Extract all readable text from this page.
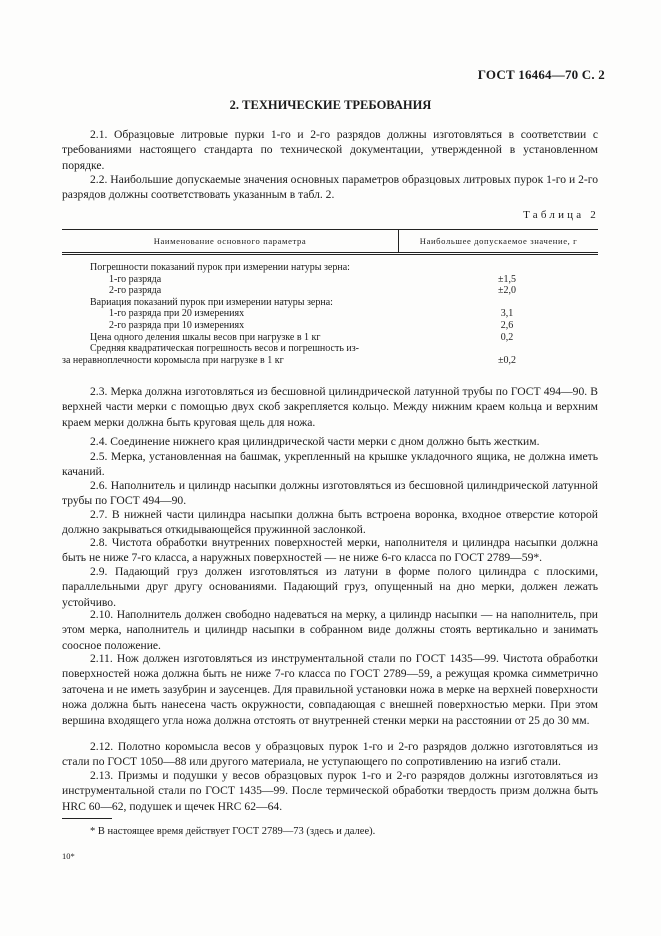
ГОСТ 16464—70 С. 2
2. ТЕХНИЧЕСКИЕ ТРЕБОВАНИЯ
2.1. Образцовые литровые пурки 1-го и 2-го разрядов должны изготовляться в соответствии с требованиями настоящего стандарта по технической документации, утвержденной в установленном порядке.
2.2. Наибольшие допускаемые значения основных параметров образцовых литровых пурок 1-го и 2-го разрядов должны соответствовать указанным в табл. 2.
Таблица 2
Наименование основного параметра	Наибольшее допускаемое значение, г
Погрешности показаний пурок при измерении натуры зерна:
1-го разряда	±1,5
2-го разряда	±2,0
Вариация показаний пурок при измерении натуры зерна:
1-го разряда при 20 измерениях	3,1
2-го разряда при 10 измерениях	2,6
Цена одного деления шкалы весов при нагрузке в 1 кг	0,2
Средняя квадратическая погрешность весов и погрешность из-
за неравноплечности коромысла при нагрузке в 1 кг	±0,2
2.3. Мерка должна изготовляться из бесшовной цилиндрической латунной трубы по ГОСТ 494—90. В верхней части мерки с помощью двух скоб закрепляется кольцо. Между нижним краем кольца и верхним краем мерки должна быть круговая щель для ножа.
2.4. Соединение нижнего края цилиндрической части мерки с дном должно быть жестким.
2.5. Мерка, установленная на башмак, укрепленный на крышке укладочного ящика, не должна иметь качаний.
2.6. Наполнитель и цилиндр насыпки должны изготовляться из бесшовной цилиндрической латунной трубы по ГОСТ 494—90.
2.7. В нижней части цилиндра насыпки должна быть встроена воронка, входное отверстие которой должно закрываться откидывающейся пружинной заслонкой.
2.8. Чистота обработки внутренних поверхностей мерки, наполнителя и цилиндра насыпки должна быть не ниже 7-го класса, а наружных поверхностей — не ниже 6-го класса по ГОСТ 2789—59*.
2.9. Падающий груз должен изготовляться из латуни в форме полого цилиндра с плоскими, параллельными друг другу основаниями. Падающий груз, опущенный на дно мерки, должен лежать устойчиво.
2.10. Наполнитель должен свободно надеваться на мерку, а цилиндр насыпки — на наполнитель, при этом мерка, наполнитель и цилиндр насыпки в собранном виде должны стоять вертикально и занимать соосное положение.
2.11. Нож должен изготовляться из инструментальной стали по ГОСТ 1435—99. Чистота обработки поверхностей ножа должна быть не ниже 7-го класса по ГОСТ 2789—59, а режущая кромка симметрично заточена и не иметь зазубрин и заусенцев. Для правильной установки ножа в мерке на верхней поверхности ножа должна быть нанесена часть окружности, совпадающая с внешней поверхностью мерки. При этом вершина входящего угла ножа должна отстоять от внутренней стенки мерки на расстоянии от 25 до 30 мм.
2.12. Полотно коромысла весов у образцовых пурок 1-го и 2-го разрядов должно изготовляться из стали по ГОСТ 1050—88 или другого материала, не уступающего по сопротивлению на изгиб стали.
2.13. Призмы и подушки у весов образцовых пурок 1-го и 2-го разрядов должны изготовляться из инструментальной стали по ГОСТ 1435—99. После термической обработки твердость призм должна быть HRC 60—62, подушек и щечек HRC 62—64.
* В настоящее время действует ГОСТ 2789—73 (здесь и далее).
10*
